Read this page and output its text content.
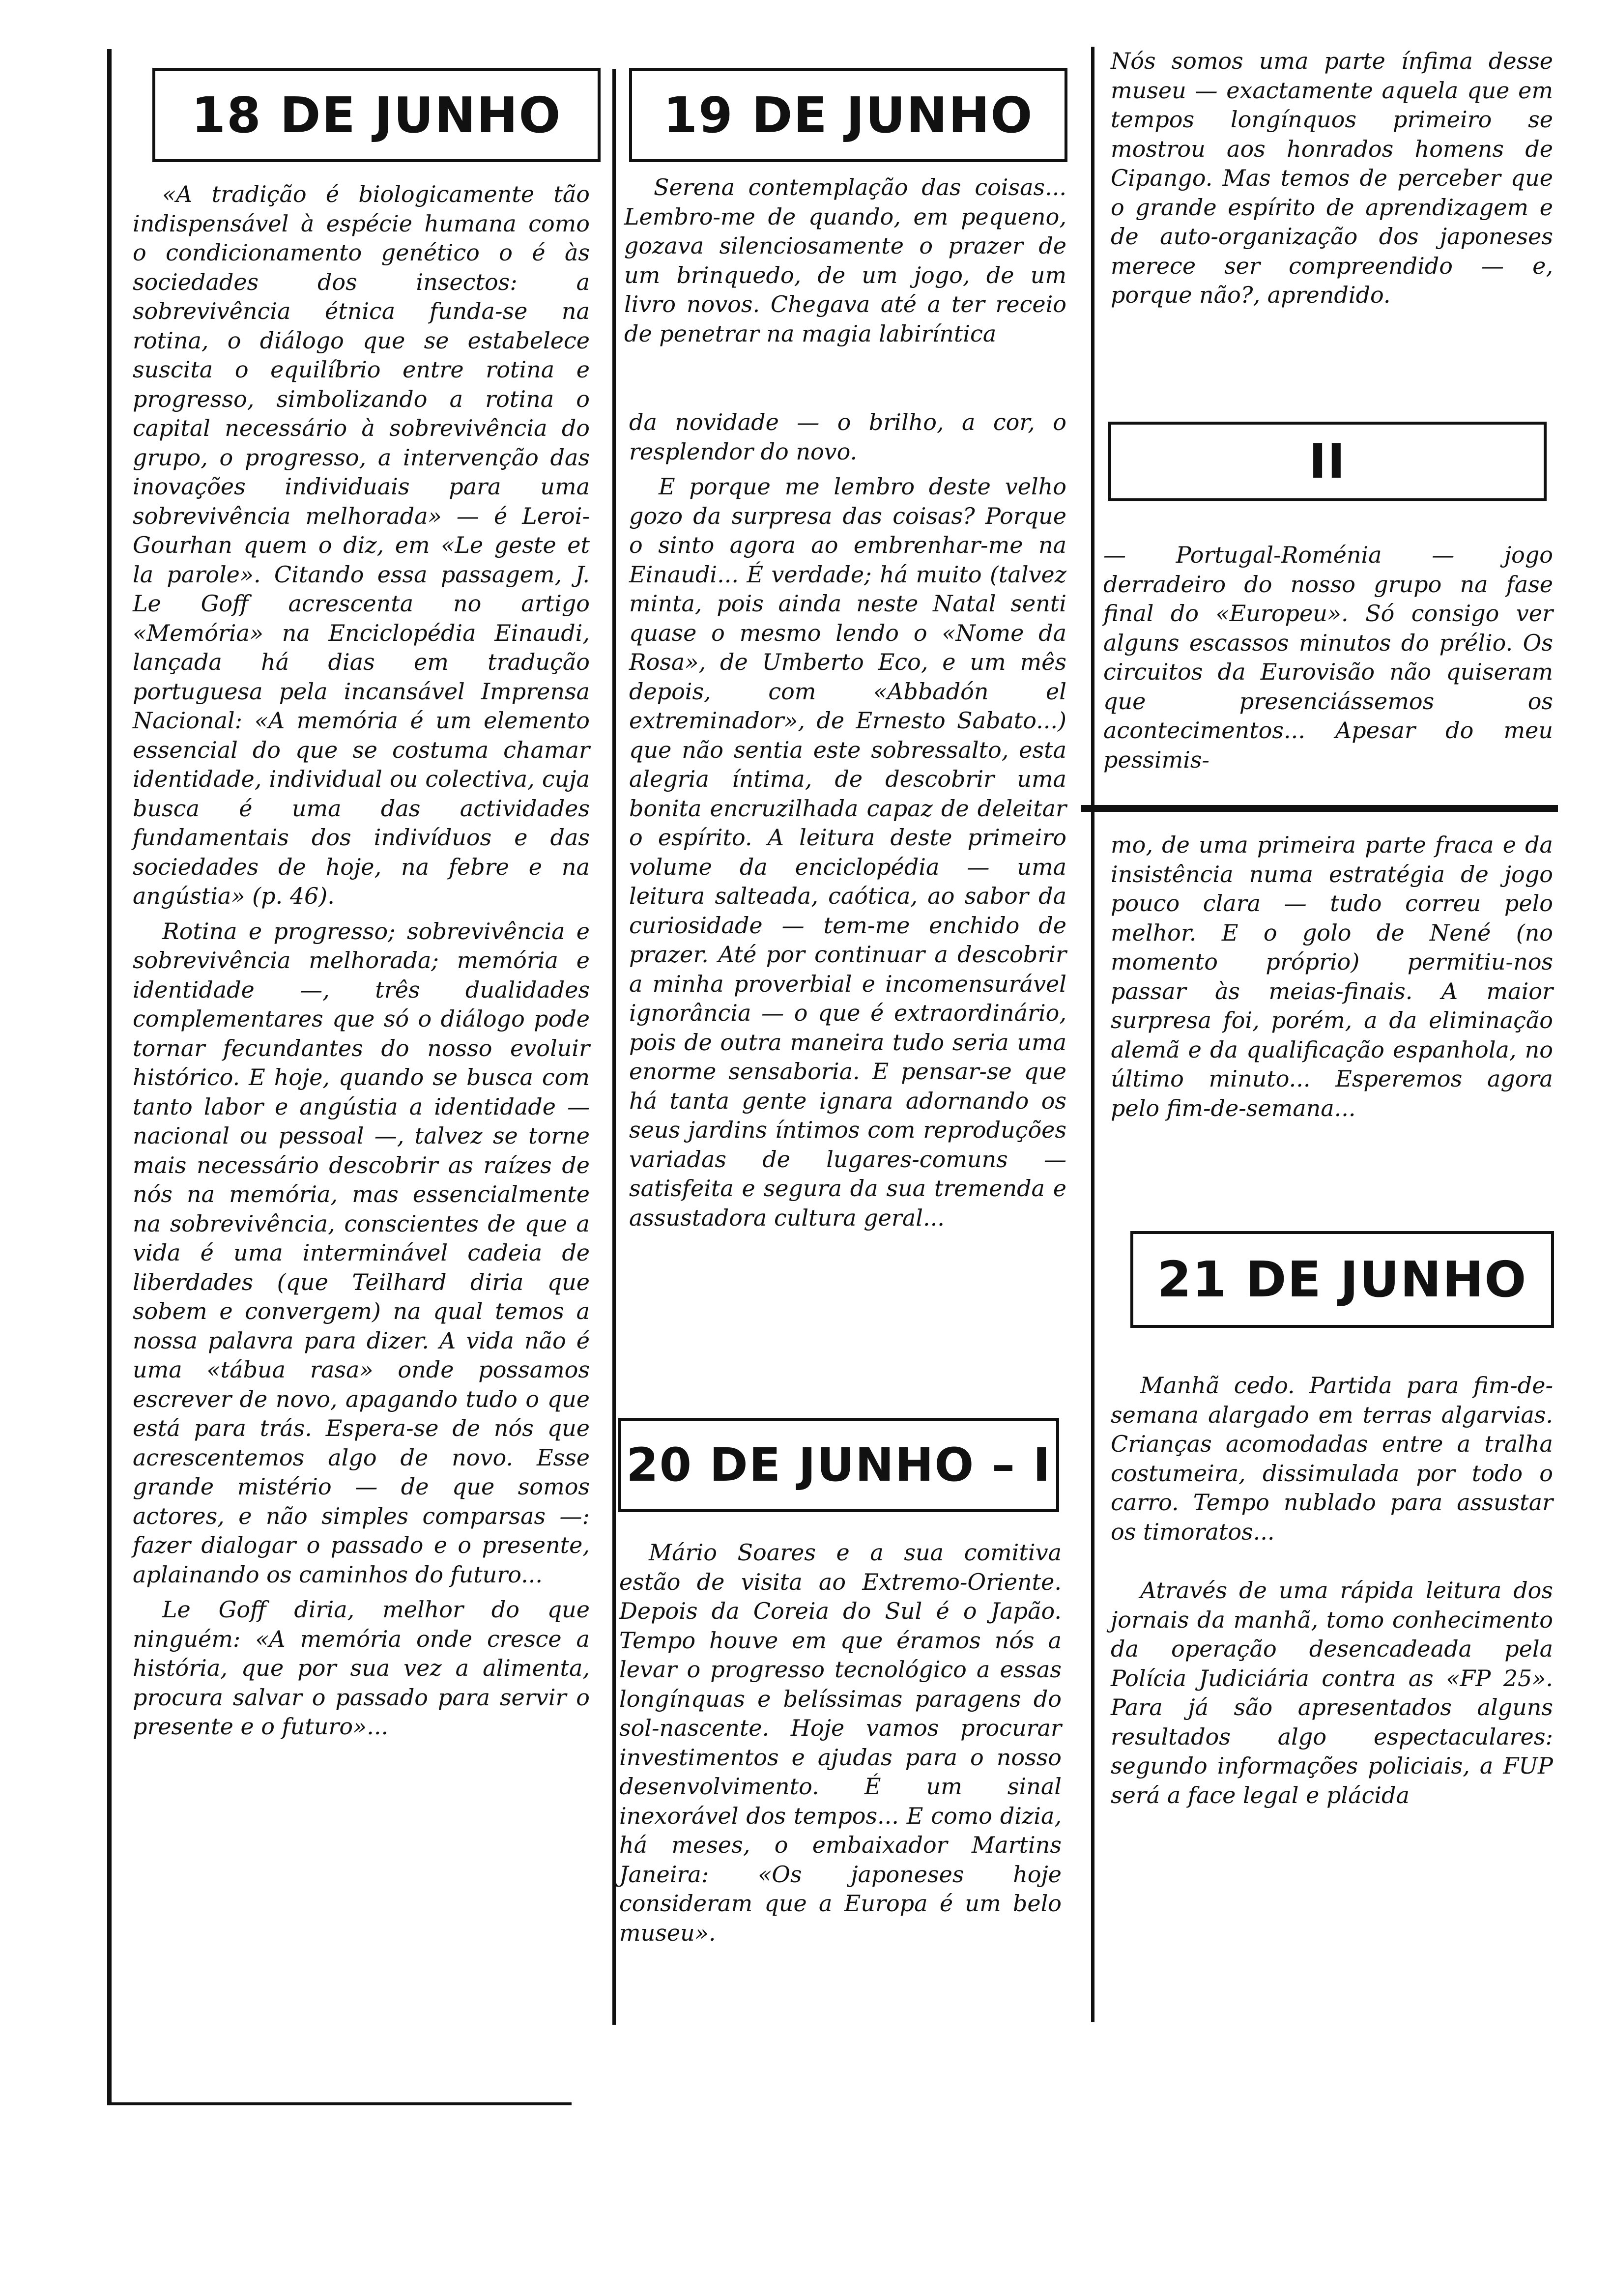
18 DE JUNHO

«A tradição é biologicamente tão indispensável à espécie humana como o condicionamento genético o é às sociedades dos insectos: a sobrevivência étnica funda-se na rotina, o diálogo que se estabelece suscita o equilíbrio entre rotina e progresso, simbolizando a rotina o capital necessário à sobrevivência do grupo, o progresso, a intervenção das inovações individuais para uma sobrevivência melhorada» — é Leroi-Gourhan quem o diz, em «Le geste et la parole». Citando essa passagem, J. Le Goff acrescenta no artigo «Memória» na Enciclopédia Einaudi, lançada há dias em tradução portuguesa pela incansável Imprensa Nacional: «A memória é um elemento essencial do que se costuma chamar identidade, individual ou colectiva, cuja busca é uma das actividades fundamentais dos indivíduos e das sociedades de hoje, na febre e na angústia» (p. 46).

Rotina e progresso; sobrevivência e sobrevivência melhorada; memória e identidade —, três dualidades complementares que só o diálogo pode tornar fecundantes do nosso evoluir histórico. E hoje, quando se busca com tanto labor e angústia a identidade — nacional ou pessoal —, talvez se torne mais necessário descobrir as raízes de nós na memória, mas essencialmente na sobrevivência, conscientes de que a vida é uma interminável cadeia de liberdades (que Teilhard diria que sobem e convergem) na qual temos a nossa palavra para dizer. A vida não é uma «tábua rasa» onde possamos escrever de novo, apagando tudo o que está para trás. Espera-se de nós que acrescentemos algo de novo. Esse grande mistério — de que somos actores, e não simples comparsas —: fazer dialogar o passado e o presente, aplainando os caminhos do futuro...

Le Goff diria, melhor do que ninguém: «A memória onde cresce a história, que por sua vez a alimenta, procura salvar o passado para servir o presente e o futuro»...

19 DE JUNHO

Serena contemplação das coisas... Lembro-me de quando, em pequeno, gozava silenciosamente o prazer de um brinquedo, de um jogo, de um livro novos. Chegava até a ter receio de penetrar na magia labiríntica

da novidade — o brilho, a cor, o resplendor do novo.

E porque me lembro deste velho gozo da surpresa das coisas? Porque o sinto agora ao embrenhar-me na Einaudi... É verdade; há muito (talvez minta, pois ainda neste Natal senti quase o mesmo lendo o «Nome da Rosa», de Umberto Eco, e um mês depois, com «Abbadón el extreminador», de Ernesto Sabato...) que não sentia este sobressalto, esta alegria íntima, de descobrir uma bonita encruzilhada capaz de deleitar o espírito. A leitura deste primeiro volume da enciclopédia — uma leitura salteada, caótica, ao sabor da curiosidade — tem-me enchido de prazer. Até por continuar a descobrir a minha proverbial e incomensurável ignorância — o que é extraordinário, pois de outra maneira tudo seria uma enorme sensaboria. E pensar-se que há tanta gente ignara adornando os seus jardins íntimos com reproduções variadas de lugares-comuns — satisfeita e segura da sua tremenda e assustadora cultura geral...

20 DE JUNHO – I

Mário Soares e a sua comitiva estão de visita ao Extremo-Oriente. Depois da Coreia do Sul é o Japão. Tempo houve em que éramos nós a levar o progresso tecnológico a essas longínquas e belíssimas paragens do sol-nascente. Hoje vamos procurar investimentos e ajudas para o nosso desenvolvimento. É um sinal inexorável dos tempos... E como dizia, há meses, o embaixador Martins Janeira: «Os japoneses hoje consideram que a Europa é um belo museu».

Nós somos uma parte ínfima desse museu — exactamente aquela que em tempos longínquos primeiro se mostrou aos honrados homens de Cipango. Mas temos de perceber que o grande espírito de aprendizagem e de auto-organização dos japoneses merece ser compreendido — e, porque não?, aprendido.

II

— Portugal-Roménia — jogo derradeiro do nosso grupo na fase final do «Europeu». Só consigo ver alguns escassos minutos do prélio. Os circuitos da Eurovisão não quiseram que presenciássemos os acontecimentos... Apesar do meu pessimis-

mo, de uma primeira parte fraca e da insistência numa estratégia de jogo pouco clara — tudo correu pelo melhor. E o golo de Nené (no momento próprio) permitiu-nos passar às meias-finais. A maior surpresa foi, porém, a da eliminação alemã e da qualificação espanhola, no último minuto... Esperemos agora pelo fim-de-semana...

21 DE JUNHO

Manhã cedo. Partida para fim-de-semana alargado em terras algarvias. Crianças acomodadas entre a tralha costumeira, dissimulada por todo o carro. Tempo nublado para assustar os timoratos...

Através de uma rápida leitura dos jornais da manhã, tomo conhecimento da operação desencadeada pela Polícia Judiciária contra as «FP 25». Para já são apresentados alguns resultados algo espectaculares: segundo informações policiais, a FUP será a face legal e plácida
